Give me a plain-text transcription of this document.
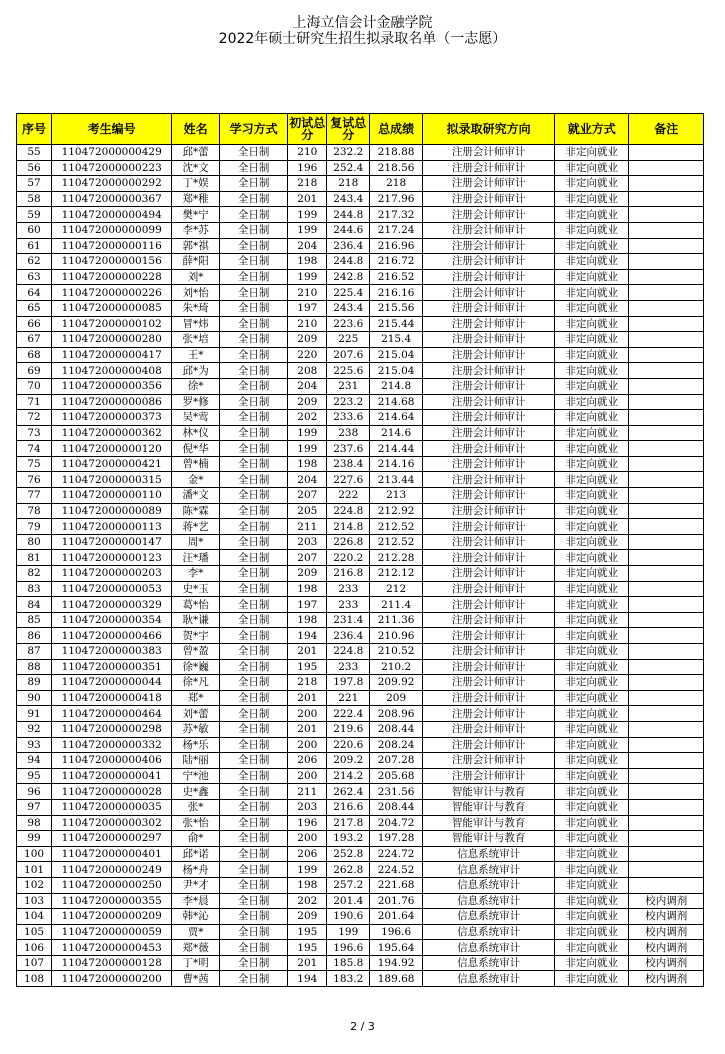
上海立信会计金融学院
2022年硕士研究生招生拟录取名单（一志愿）
序号	考生编号	姓名	学习方式	初试总分	复试总分	总成绩	拟录取研究方向	就业方式	备注
55	110472000000429	邱*蕾	全日制	210	232.2	218.88	注册会计师审计	非定向就业	
56	110472000000223	沈*文	全日制	196	252.4	218.56	注册会计师审计	非定向就业	
57	110472000000292	丁*娱	全日制	218	218	218	注册会计师审计	非定向就业	
58	110472000000367	郑*稚	全日制	201	243.4	217.96	注册会计师审计	非定向就业	
59	110472000000494	樊*宁	全日制	199	244.8	217.32	注册会计师审计	非定向就业	
60	110472000000099	李*苏	全日制	199	244.6	217.24	注册会计师审计	非定向就业	
61	110472000000116	郭*祺	全日制	204	236.4	216.96	注册会计师审计	非定向就业	
62	110472000000156	薛*阳	全日制	198	244.8	216.72	注册会计师审计	非定向就业	
63	110472000000228	刘*	全日制	199	242.8	216.52	注册会计师审计	非定向就业	
64	110472000000226	刘*怡	全日制	210	225.4	216.16	注册会计师审计	非定向就业	
65	110472000000085	朱*琦	全日制	197	243.4	215.56	注册会计师审计	非定向就业	
66	110472000000102	冒*炜	全日制	210	223.6	215.44	注册会计师审计	非定向就业	
67	110472000000280	张*培	全日制	209	225	215.4	注册会计师审计	非定向就业	
68	110472000000417	王*	全日制	220	207.6	215.04	注册会计师审计	非定向就业	
69	110472000000408	邱*为	全日制	208	225.6	215.04	注册会计师审计	非定向就业	
70	110472000000356	徐*	全日制	204	231	214.8	注册会计师审计	非定向就业	
71	110472000000086	罗*修	全日制	209	223.2	214.68	注册会计师审计	非定向就业	
72	110472000000373	吴*莺	全日制	202	233.6	214.64	注册会计师审计	非定向就业	
73	110472000000362	林*仪	全日制	199	238	214.6	注册会计师审计	非定向就业	
74	110472000000120	倪*华	全日制	199	237.6	214.44	注册会计师审计	非定向就业	
75	110472000000421	曾*楠	全日制	198	238.4	214.16	注册会计师审计	非定向就业	
76	110472000000315	金*	全日制	204	227.6	213.44	注册会计师审计	非定向就业	
77	110472000000110	潘*文	全日制	207	222	213	注册会计师审计	非定向就业	
78	110472000000089	陈*霖	全日制	205	224.8	212.92	注册会计师审计	非定向就业	
79	110472000000113	蒋*艺	全日制	211	214.8	212.52	注册会计师审计	非定向就业	
80	110472000000147	周*	全日制	203	226.8	212.52	注册会计师审计	非定向就业	
81	110472000000123	汪*璠	全日制	207	220.2	212.28	注册会计师审计	非定向就业	
82	110472000000203	李*	全日制	209	216.8	212.12	注册会计师审计	非定向就业	
83	110472000000053	史*玉	全日制	198	233	212	注册会计师审计	非定向就业	
84	110472000000329	葛*怡	全日制	197	233	211.4	注册会计师审计	非定向就业	
85	110472000000354	耿*谦	全日制	198	231.4	211.36	注册会计师审计	非定向就业	
86	110472000000466	贺*宇	全日制	194	236.4	210.96	注册会计师审计	非定向就业	
87	110472000000383	曾*盈	全日制	201	224.8	210.52	注册会计师审计	非定向就业	
88	110472000000351	徐*巍	全日制	195	233	210.2	注册会计师审计	非定向就业	
89	110472000000044	徐*凡	全日制	218	197.8	209.92	注册会计师审计	非定向就业	
90	110472000000418	郑*	全日制	201	221	209	注册会计师审计	非定向就业	
91	110472000000464	刘*蕾	全日制	200	222.4	208.96	注册会计师审计	非定向就业	
92	110472000000298	苏*敏	全日制	201	219.6	208.44	注册会计师审计	非定向就业	
93	110472000000332	杨*乐	全日制	200	220.6	208.24	注册会计师审计	非定向就业	
94	110472000000406	陆*丽	全日制	206	209.2	207.28	注册会计师审计	非定向就业	
95	110472000000041	宁*池	全日制	200	214.2	205.68	注册会计师审计	非定向就业	
96	110472000000028	史*鑫	全日制	211	262.4	231.56	智能审计与教育	非定向就业	
97	110472000000035	张*	全日制	203	216.6	208.44	智能审计与教育	非定向就业	
98	110472000000302	张*怡	全日制	196	217.8	204.72	智能审计与教育	非定向就业	
99	110472000000297	俞*	全日制	200	193.2	197.28	智能审计与教育	非定向就业	
100	110472000000401	邱*诺	全日制	206	252.8	224.72	信息系统审计	非定向就业	
101	110472000000249	杨*舟	全日制	199	262.8	224.52	信息系统审计	非定向就业	
102	110472000000250	尹*才	全日制	198	257.2	221.68	信息系统审计	非定向就业	
103	110472000000355	李*晨	全日制	202	201.4	201.76	信息系统审计	非定向就业	校内调剂
104	110472000000209	韩*沁	全日制	209	190.6	201.64	信息系统审计	非定向就业	校内调剂
105	110472000000059	贾*	全日制	195	199	196.6	信息系统审计	非定向就业	校内调剂
106	110472000000453	郑*薇	全日制	195	196.6	195.64	信息系统审计	非定向就业	校内调剂
107	110472000000128	丁*明	全日制	201	185.8	194.92	信息系统审计	非定向就业	校内调剂
108	110472000000200	曹*茜	全日制	194	183.2	189.68	信息系统审计	非定向就业	校内调剂
2 / 3
